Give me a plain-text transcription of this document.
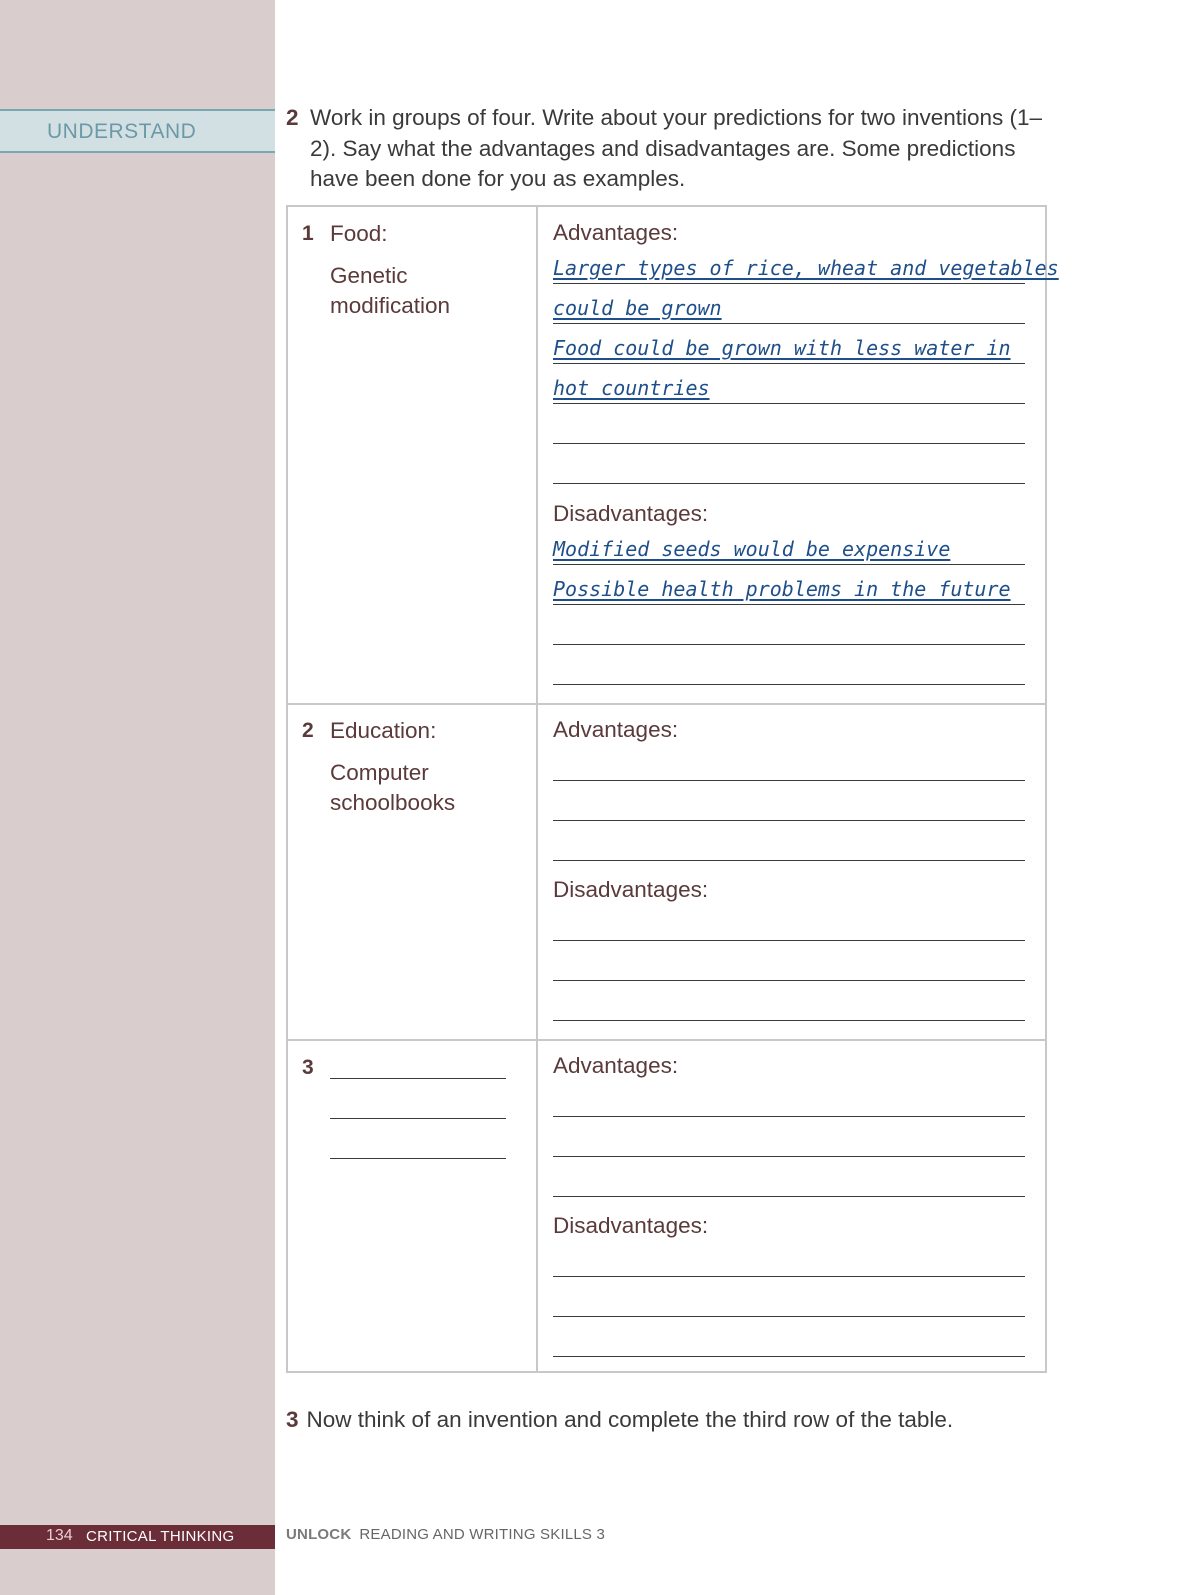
UNDERSTAND
2 Work in groups of four. Write about your predictions for two inventions (1–2). Say what the advantages and disadvantages are. Some predictions have been done for you as examples.
1 Food:
Genetic
modification
Advantages:
Larger types of rice, wheat and vegetables
could be grown
Food could be grown with less water in
hot countries
Disadvantages:
Modified seeds would be expensive
Possible health problems in the future
2 Education:
Computer
schoolbooks
Advantages:
Disadvantages:
3	Advantages:
Disadvantages:
3 Now think of an invention and complete the third row of the table.
134 CRITICAL THINKING	UNLOCK READING AND WRITING SKILLS 3
